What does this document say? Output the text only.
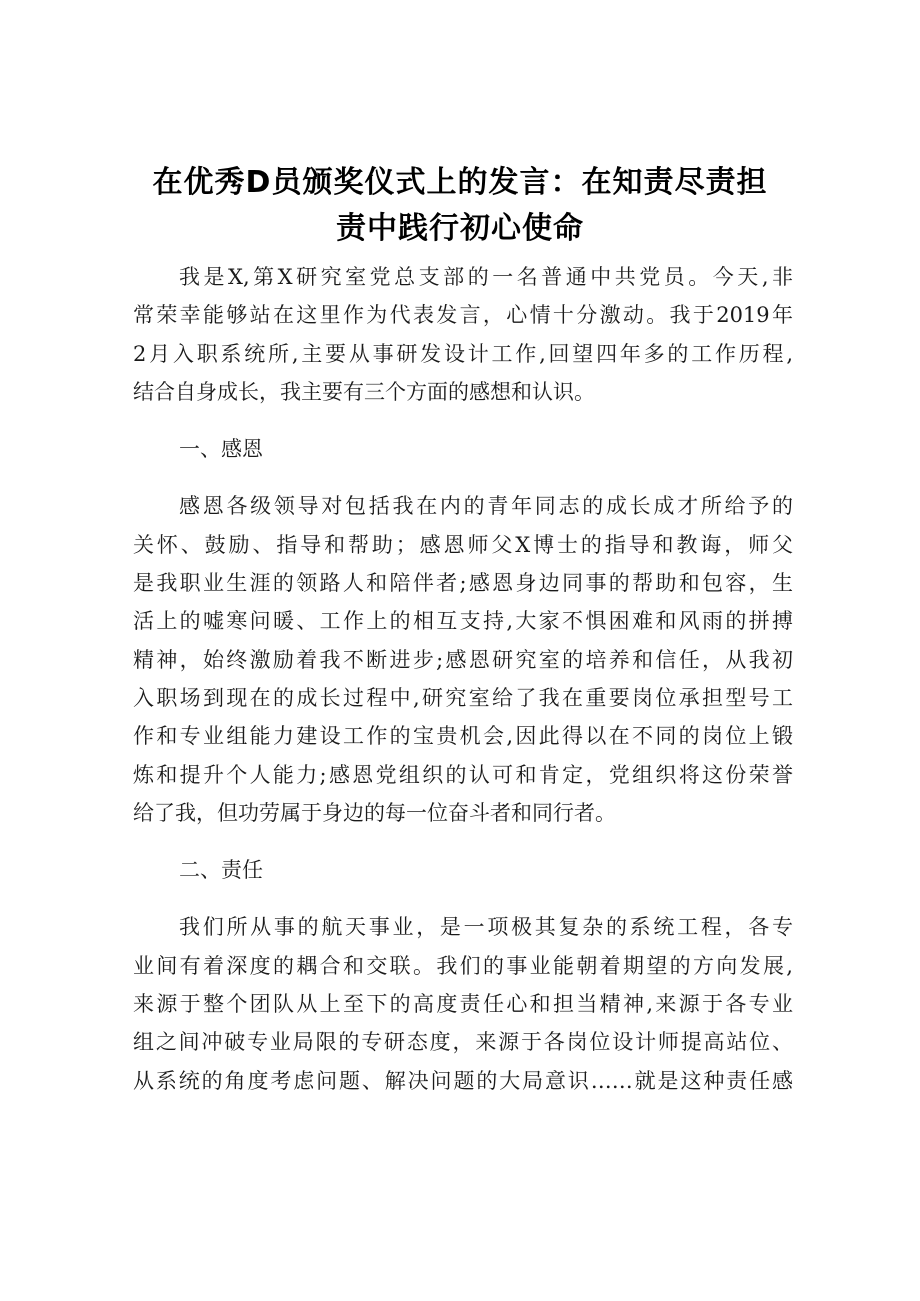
在优秀D员颁奖仪式上的发言：在知责尽责担
责中践行初心使命
我是X,第X研究室党总支部的一名普通中共党员。今天,非
常荣幸能够站在这里作为代表发言，心情十分激动。我于2019年
2月入职系统所,主要从事研发设计工作,回望四年多的工作历程,
结合自身成长，我主要有三个方面的感想和认识。
一、感恩
感恩各级领导对包括我在内的青年同志的成长成才所给予的
关怀、鼓励、指导和帮助；感恩师父X博士的指导和教诲，师父
是我职业生涯的领路人和陪伴者;感恩身边同事的帮助和包容，生
活上的嘘寒问暖、工作上的相互支持,大家不惧困难和风雨的拼搏
精神，始终激励着我不断进步;感恩研究室的培养和信任，从我初
入职场到现在的成长过程中,研究室给了我在重要岗位承担型号工
作和专业组能力建设工作的宝贵机会,因此得以在不同的岗位上锻
炼和提升个人能力;感恩党组织的认可和肯定，党组织将这份荣誉
给了我，但功劳属于身边的每一位奋斗者和同行者。
二、责任
我们所从事的航天事业，是一项极其复杂的系统工程，各专
业间有着深度的耦合和交联。我们的事业能朝着期望的方向发展,
来源于整个团队从上至下的高度责任心和担当精神,来源于各专业
组之间冲破专业局限的专研态度，来源于各岗位设计师提高站位、
从系统的角度考虑问题、解决问题的大局意识……就是这种责任感
